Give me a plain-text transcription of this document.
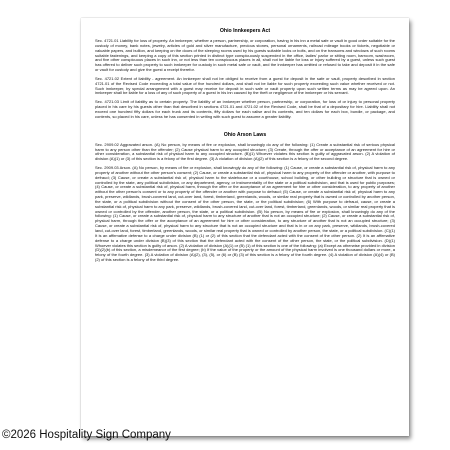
Ohio Innkeepers Act

Sec. 4721.01 Liability for loss of property. An innkeeper, whether a person, partnership, or corporation, having in his inn a metal safe or vault in good order suitable for the custody of money, bank notes, jewelry, articles of gold and silver manufacture, precious stones, personal ornaments, railroad mileage books or tickets, negotiable or valuable papers, and bullion, and keeping on the doors of the sleeping rooms used by his guests suitable locks or bolts, and on the transoms and windows of such rooms suitable fastenings, and keeping a copy of this section printed in distinct type conspicuously suspended in the office, ladies' parlor or sitting room, barroom, washroom, and five other conspicuous places in such inn, or not less than ten conspicuous places in all, shall not be liable for loss or injury suffered by a guest, unless such guest has offered to deliver such property to such innkeeper for custody in such metal safe or vault, and the innkeeper has omitted or refused to take and deposit it in the safe or vault for custody and give the guest a receipt therefor.

Sec. 4721.02 Extent of liability - agreement. An innkeeper shall not be obliged to receive from a guest for deposit in the safe or vault, property described in section 4721.01 of the Revised Code exceeding a total value of five hundred dollars, and shall not be liable for such property exceeding such value whether received or not. Such innkeeper, by special arrangement with a guest may receive for deposit in such safe or vault property upon such written terms as may be agreed upon. An innkeeper shall be liable for a loss of any of such property of a guest in his inn caused by the theft or negligence of the innkeeper or his servant.

Sec. 4721.03 Limit of liability as to certain property. The liability of an innkeeper whether person, partnership, or corporation, for loss of or injury to personal property placed in his care by his guests other than that described in sections 4721.01 and 4721.02 of the Revised Code, shall be that of a depositary for hire. Liability shall not exceed one hundred fifty dollars for each trunk and its contents, fifty dollars for each valise and its contents, and ten dollars for each box, bundle, or package, and contents, so placed in his care, unless he has consented in writing with such guest to assume a greater liability.

Ohio Arson Laws

Sec. 2909.02 Aggravated arson. (A) No person, by means of fire or explosion, shall knowingly do any of the following: (1) Create a substantial risk of serious physical harm to any person other than the offender; (2) Cause physical harm to any occupied structure; (3) Create, through the offer or acceptance of an agreement for hire or other consideration, a substantial risk of physical harm to any occupied structure. (B)(1) Whoever violates this section is guilty of aggravated arson. (2) A violation of division (A)(1) or (3) of this section is a felony of the first degree. (3) A violation of division (A)(2) of this section is a felony of the second degree.

Sec. 2909.03 Arson. (A) No person, by means of fire or explosion, shall knowingly do any of the following: (1) Cause, or create a substantial risk of, physical harm to any property of another without the other person's consent; (2) Cause, or create a substantial risk of, physical harm to any property of the offender or another, with purpose to defraud; (3) Cause, or create a substantial risk of, physical harm to the statehouse or a courthouse, school building, or other building or structure that is owned or controlled by the state, any political subdivision, or any department, agency, or instrumentality of the state or a political subdivision, and that is used for public purposes; (4) Cause, or create a substantial risk of, physical harm, through the offer or the acceptance of an agreement for hire or other consideration, to any property of another without the other person's consent or to any property of the offender or another with purpose to defraud; (5) Cause, or create a substantial risk of, physical harm to any park, preserve, wildlands, brush-covered land, cut-over land, forest, timberland, greenlands, woods, or similar real property that is owned or controlled by another person, the state, or a political subdivision without the consent of the other person, the state, or the political subdivision; (6) With purpose to defraud, cause, or create a substantial risk of, physical harm to any park, preserve, wildlands, brush-covered land, cut-over land, forest, timberland, greenlands, woods, or similar real property that is owned or controlled by the offender, another person, the state, or a political subdivision. (B) No person, by means of fire or explosion, shall knowingly do any of the following: (1) Cause, or create a substantial risk of, physical harm to any structure of another that is not an occupied structure; (2) Cause, or create a substantial risk of, physical harm, through the offer or the acceptance of an agreement for hire or other consideration, to any structure of another that is not an occupied structure; (3) Cause, or create a substantial risk of, physical harm to any structure that is not an occupied structure and that is in or on any park, preserve, wildlands, brush-covered land, cut-over land, forest, timberland, greenlands, woods, or similar real property that is owned or controlled by another person, the state, or a political subdivision. (C)(1) It is an affirmative defense to a charge under division (B) (1) or (2) of this section that the defendant acted with the consent of the other person. (2) It is an affirmative defense to a charge under division (B)(3) of this section that the defendant acted with the consent of the other person, the state, or the political subdivision. (D)(1) Whoever violates this section is guilty of arson. (2) A violation of division (A)(1) or (B) (1) of this section is one of the following: (a) Except as otherwise provided in division (D)(2)(b) of this section, a misdemeanor of the first degree; (b) If the value of the property or the amount of the physical harm involved is one thousand dollars or more, a felony of the fourth degree. (3) A violation of division (A)(2), (3), (5), or (6) or (B) (3) of this section is a felony of the fourth degree. (4) A violation of division (A)(4) or (B) (2) of this section is a felony of the third degree.

©2026 Hospitality Sign Company
